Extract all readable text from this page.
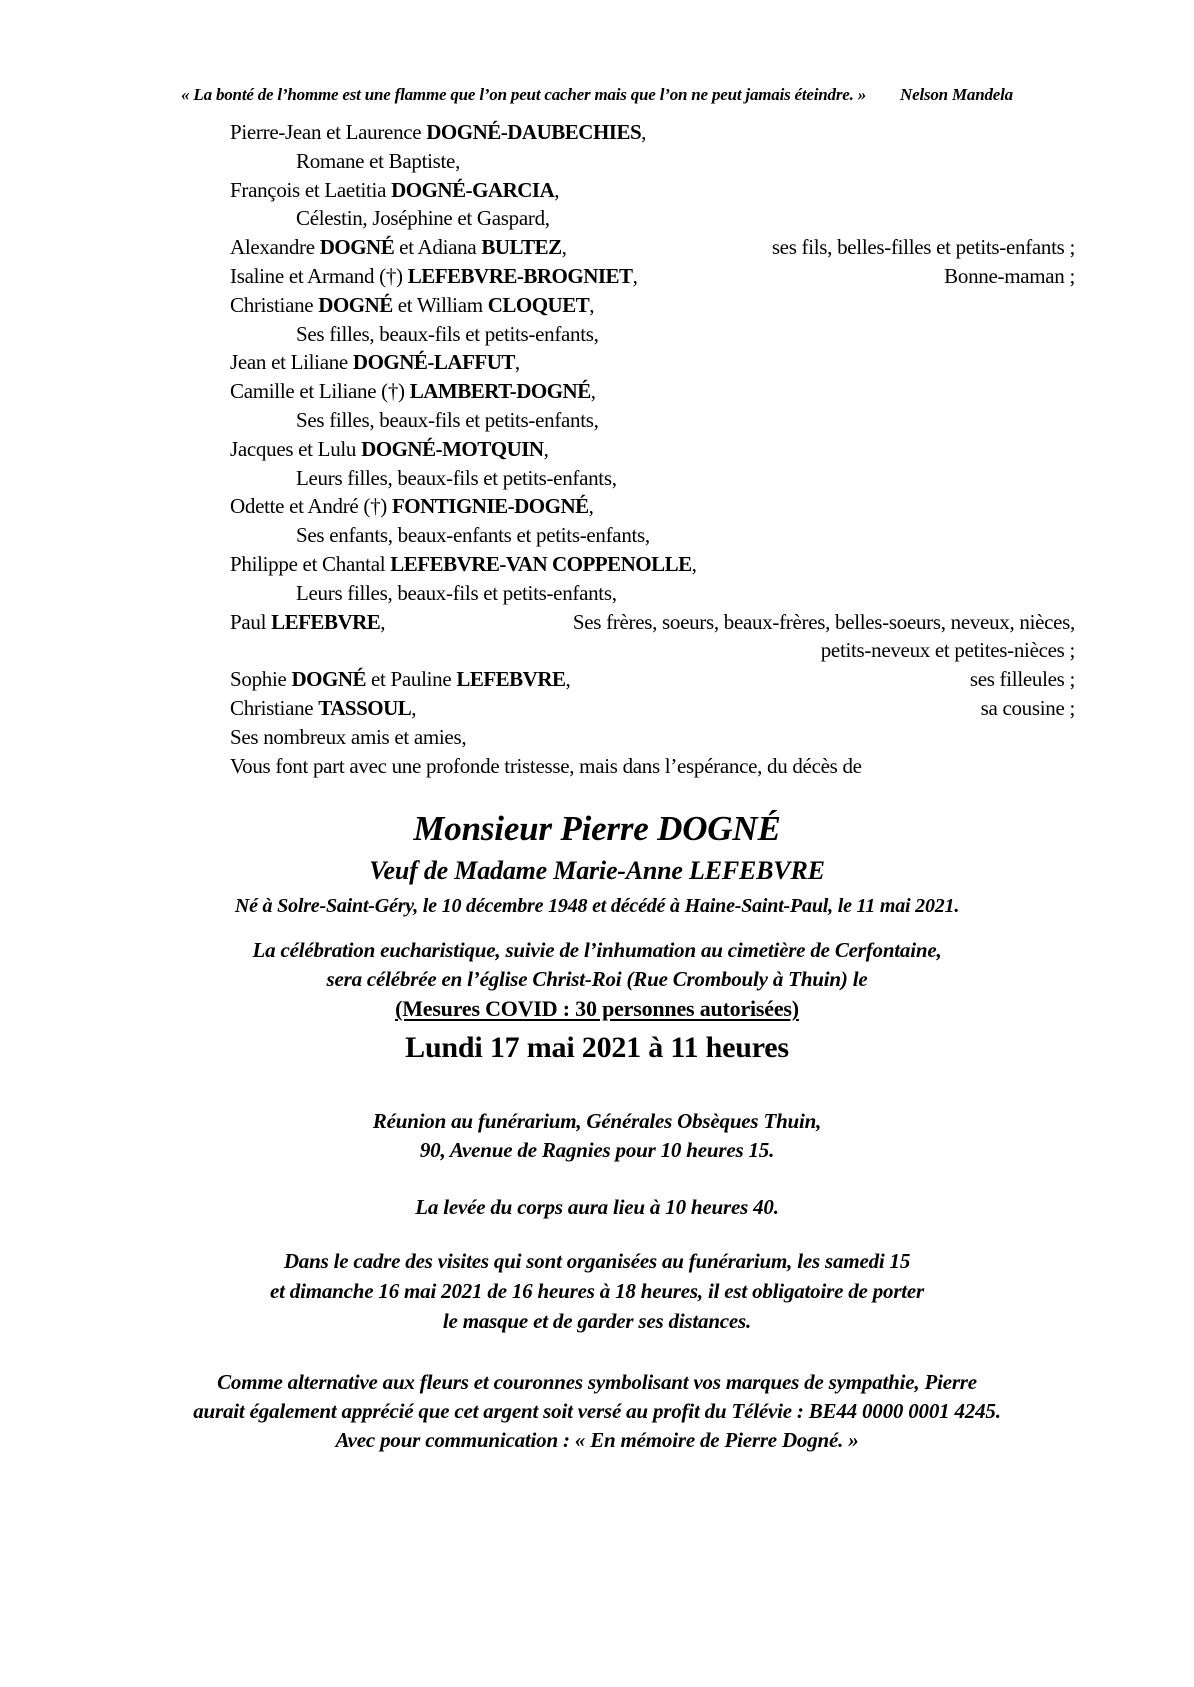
« La bonté de l’homme est une flamme que l’on peut cacher mais que l’on ne peut jamais éteindre. » Nelson Mandela
Pierre-Jean et Laurence DOGNÉ-DAUBECHIES,
Romane et Baptiste,
François et Laetitia DOGNÉ-GARCIA,
Célestin, Joséphine et Gaspard,
Alexandre DOGNÉ et Adiana BULTEZ,	ses fils, belles-filles et petits-enfants ;
Isaline et Armand (†) LEFEBVRE-BROGNIET,	Bonne-maman ;
Christiane DOGNÉ et William CLOQUET,
Ses filles, beaux-fils et petits-enfants,
Jean et Liliane DOGNÉ-LAFFUT,
Camille et Liliane (†) LAMBERT-DOGNÉ,
Ses filles, beaux-fils et petits-enfants,
Jacques et Lulu DOGNÉ-MOTQUIN,
Leurs filles, beaux-fils et petits-enfants,
Odette et André (†) FONTIGNIE-DOGNÉ,
Ses enfants, beaux-enfants et petits-enfants,
Philippe et Chantal LEFEBVRE-VAN COPPENOLLE,
Leurs filles, beaux-fils et petits-enfants,
Paul LEFEBVRE,	Ses frères, soeurs, beaux-frères, belles-soeurs, neveux, nièces,
petits-neveux et petites-nièces ;
Sophie DOGNÉ et Pauline LEFEBVRE,	ses filleules ;
Christiane TASSOUL,	sa cousine ;
Ses nombreux amis et amies,
Vous font part avec une profonde tristesse, mais dans l’espérance, du décès de
Monsieur Pierre DOGNÉ
Veuf de Madame Marie-Anne LEFEBVRE
Né à Solre-Saint-Géry, le 10 décembre 1948 et décédé à Haine-Saint-Paul, le 11 mai 2021.
La célébration eucharistique, suivie de l’inhumation au cimetière de Cerfontaine,
sera célébrée en l’église Christ-Roi (Rue Crombouly à Thuin) le
(Mesures COVID : 30 personnes autorisées)
Lundi 17 mai 2021 à 11 heures
Réunion au funérarium, Générales Obsèques Thuin,
90, Avenue de Ragnies pour 10 heures 15.
La levée du corps aura lieu à 10 heures 40.
Dans le cadre des visites qui sont organisées au funérarium, les samedi 15
et dimanche 16 mai 2021 de 16 heures à 18 heures, il est obligatoire de porter
le masque et de garder ses distances.
Comme alternative aux fleurs et couronnes symbolisant vos marques de sympathie, Pierre
aurait également apprécié que cet argent soit versé au profit du Télévie : BE44 0000 0001 4245.
Avec pour communication : « En mémoire de Pierre Dogné. »
